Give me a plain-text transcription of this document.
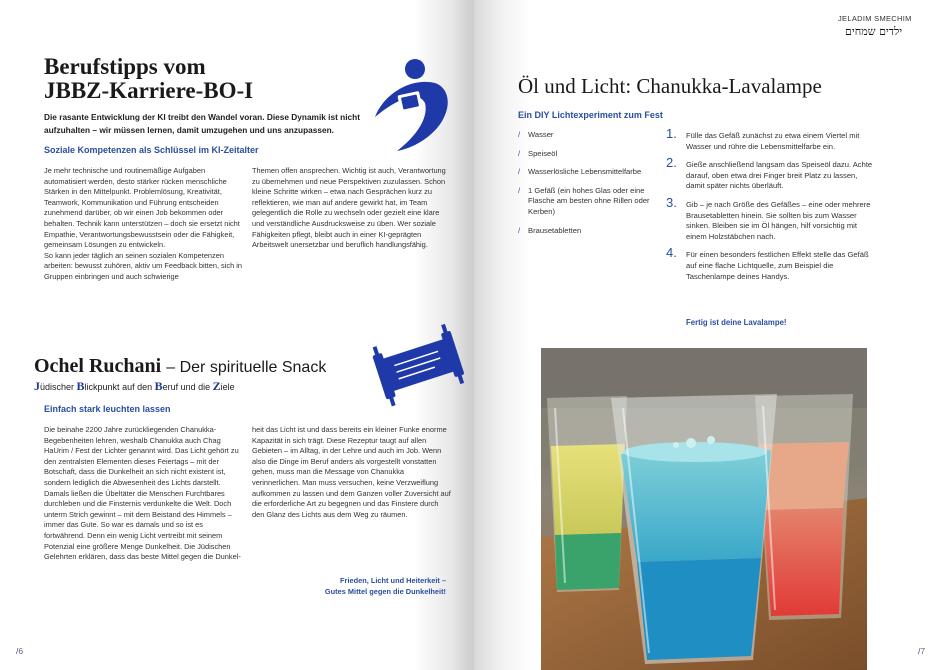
Berufstipps vom
JBBZ-Karriere-BO-I
Die rasante Entwicklung der KI treibt den Wandel voran. Diese Dynamik ist nicht aufzuhalten – wir müssen lernen, damit umzugehen und uns anzupassen.
Soziale Kompetenzen als Schlüssel im KI-Zeitalter
Je mehr technische und routinemäßige Aufgaben automatisiert werden, desto stärker rücken menschliche Stärken in den Mittelpunkt. Problemlösung, Kreativität, Teamwork, Kommunikation und Führung entscheiden zunehmend darüber, ob wir einen Job bekommen oder behalten. Technik kann unterstützen – doch sie ersetzt nicht Empathie, Verantwortungsbewusstsein oder die Fähigkeit, gemeinsam Lösungen zu entwickeln.
So kann jeder täglich an seinen sozialen Kompetenzen arbeiten: bewusst zuhören, aktiv um Feedback bitten, sich in Gruppen einbringen und auch schwierige
Themen offen ansprechen. Wichtig ist auch, Verantwortung zu übernehmen und neue Perspektiven zuzulassen. Schon kleine Schritte wirken – etwa nach Gesprächen kurz zu reflektieren, wie man auf andere gewirkt hat, im Team gelegentlich die Rolle zu wechseln oder gezielt eine klare und verständliche Ausdrucksweise zu üben. Wer soziale Fähigkeiten pflegt, bleibt auch in einer KI-geprägten Arbeitswelt unersetzbar und beruflich handlungsfähig.
Ochel Ruchani – Der spirituelle Snack
Jüdischer Blickpunkt auf den Beruf und die Ziele
Einfach stark leuchten lassen
Die beinahe 2200 Jahre zurückliegenden Chanukka-Begebenheiten lehren, weshalb Chanukka auch Chag HaUrim / Fest der Lichter genannt wird. Das Licht gehört zu den zentralsten Elementen dieses Feiertags – mit der Botschaft, dass die Dunkelheit an sich nicht existent ist, sondern lediglich die Abwesenheit des Lichts darstellt. Damals ließen die Übeltäter die Menschen Furchtbares durchleben und die Finsternis verdunkelte die Welt. Doch unterm Strich gewinnt – mit dem Beistand des Himmels – immer das Gute. So war es damals und so ist es fortwährend. Denn ein wenig Licht vertreibt mit seinem Potenzial eine größere Menge Dunkelheit. Die Jüdischen Gelehrten erklären, dass das beste Mittel gegen die Dunkel-
heit das Licht ist und dass bereits ein kleiner Funke enorme Kapazität in sich trägt. Diese Rezeptur taugt auf allen Gebieten – im Alltag, in der Lehre und auch im Job. Wenn also die Dinge im Beruf anders als vorgestellt vonstatten gehen, muss man die Message von Chanukka verinnerlichen. Man muss versuchen, keine Verzweiflung aufkommen zu lassen und dem Ganzen voller Zuversicht auf die erforderliche Art zu begegnen und das Finstere durch den Glanz des Lichts aus dem Weg zu räumen.
Frieden, Licht und Heiterkeit –
Gutes Mittel gegen die Dunkelheit!
/6
JELADIM SMECHIM
ילדים שמחים
Öl und Licht: Chanukka-Lavalampe
Ein DIY Lichtexperiment zum Fest
/ Wasser
/ Speiseöl
/ Wasserlösliche Lebensmittelfarbe
/ 1 Gefäß (ein hohes Glas oder eine Flasche am besten ohne Rillen oder Kerben)
/ Brausetabletten
1. Fülle das Gefäß zunächst zu etwa einem Viertel mit Wasser und rühre die Lebensmittelfarbe ein.
2. Gieße anschließend langsam das Speiseöl dazu. Achte darauf, oben etwa drei Finger breit Platz zu lassen, damit später nichts überläuft.
3. Gib – je nach Größe des Gefäßes – eine oder mehrere Brausetabletten hinein. Sie sollten bis zum Wasser sinken. Bleiben sie im Öl hängen, hilf vorsichtig mit einem Holzstäbchen nach.
4. Für einen besonders festlichen Effekt stelle das Gefäß auf eine flache Lichtquelle, zum Beispiel die Taschenlampe deines Handys.
Fertig ist deine Lavalampe!
/7
